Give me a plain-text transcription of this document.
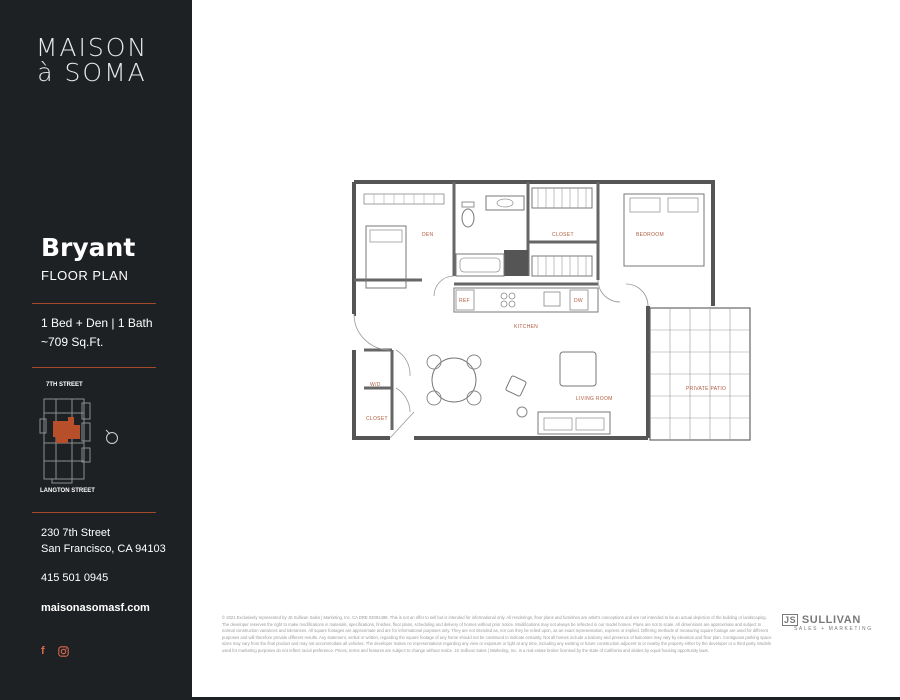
MAISON
à SOMA
Bryant
FLOOR PLAN
1 Bed + Den | 1 Bath
~709 Sq.Ft.
7TH STREET
LANGTON STREET
230 7th Street
San Francisco, CA 94103
415 501 0945
maisonasomasf.com
f
DEN	CLOSET	BEDROOM
REF	DW
KITCHEN
LIVING ROOM
PRIVATE PATIO
W/D
CLOSET
© 2021 Exclusively represented by JS Sullivan Sales | Marketing, Inc. CA DRE 02091498. This is not an offer to sell but is intended for informational only. All renderings, floor plans and furnishes are artist's conceptions and are not intended to be an actual depiction of the building or landscaping. The developer reserves the right to make modifications in materials, specifications, finishes, floor plans, scheduling and delivery of homes without prior notice. Modifications may not always be reflected in our model homes. Plans are not to scale. All dimensions are approximate and subject to normal construction variances and tolerances. All square footages are approximate and are for informational purposes only. They are not intended as, nor can they be relied upon, as an exact representation, express or implied. Differing methods of measuring square footage are used for different purposes and will therefore provide different results. Any statement, verbal or written, regarding the square footage of any home should not be construed to indicate certainty. Not all homes include a balcony and presence of balconies may vary by elevation and floor plan. Contiguous parking space sizes may vary from the final product and may not accommodate all vehicles. The developer makes no representations regarding any view or exposure or light at any time, including any existing or future construction adjacent to or nearby the property either by the developer or a third party. Models used for marketing purposes do not reflect racial preference. Prices, terms and features are subject to change without notice. JS Sullivan Sales | Marketing, Inc. is a real estate broker licensed by the state of California and abides by equal housing opportunity laws.
JS SULLIVAN
SALES + MARKETING
